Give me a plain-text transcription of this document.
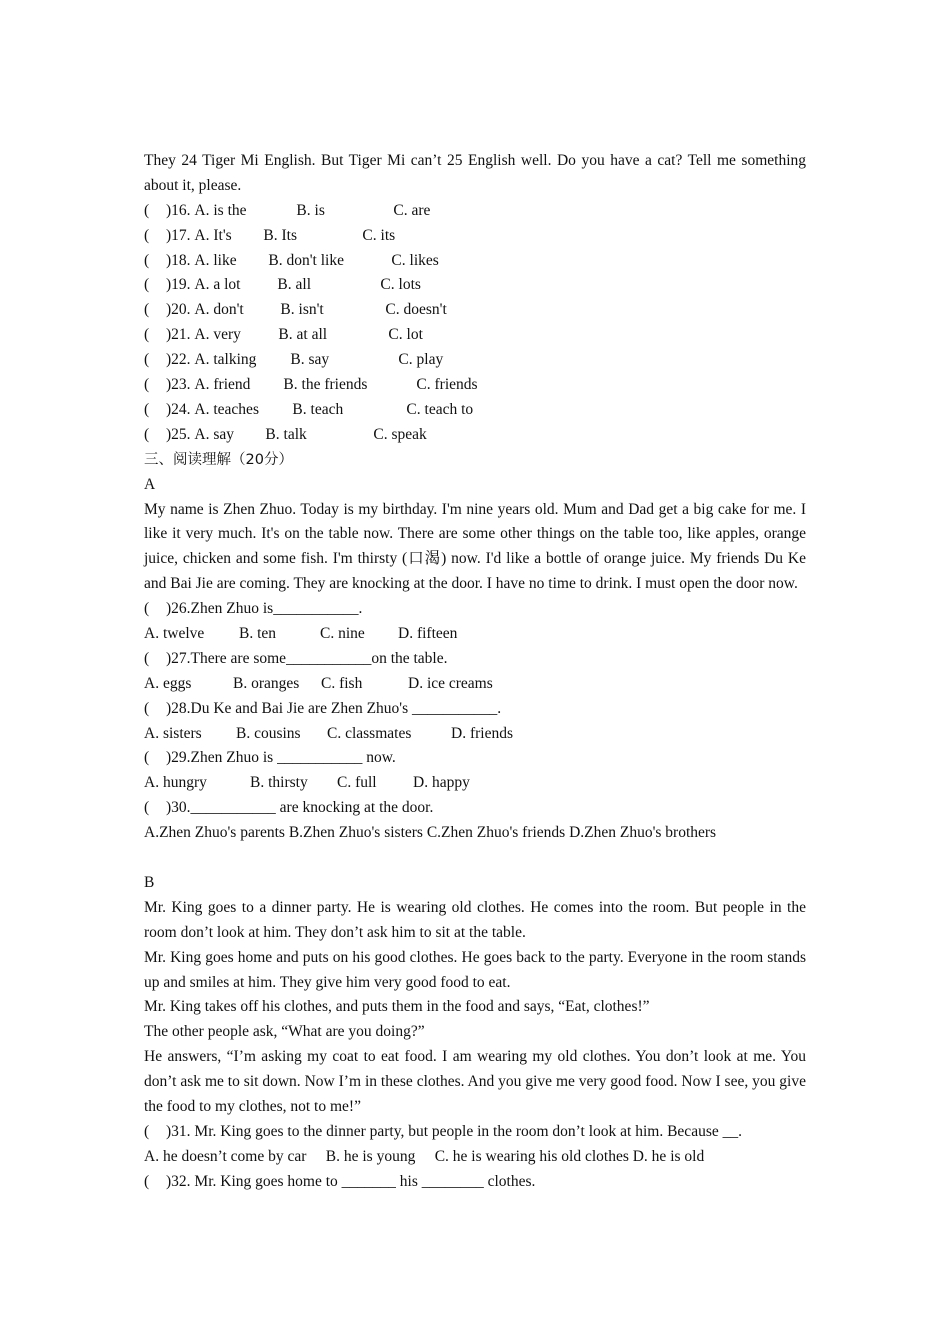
They 24 Tiger Mi English. But Tiger Mi can’t 25 English well. Do you have a cat? Tell me something about it, please.
( )16. A. is the	B. is	C. are
( )17. A. It's B. Its	C. its
( )18. A. like B. don't like	C. likes
( )19. A. a lot B. all	C. lots
( )20. A. don't B. isn't	C. doesn't
( )21. A. very B. at all	C. lot
( )22. A. talking B. say	C. play
( )23. A. friend B. the friends	C. friends
( )24. A. teaches B. teach	C. teach to
( )25. A. say B. talk	C. speak
三、阅读理解（20分）
A
My name is Zhen Zhuo. Today is my birthday. I'm nine years old. Mum and Dad get a big cake for me. I like it very much. It's on the table now. There are some other things on the table too, like apples, orange juice, chicken and some fish. I'm thirsty (口渴) now. I'd like a bottle of orange juice. My friends Du Ke and Bai Jie are coming. They are knocking at the door. I have no time to drink. I must open the door now.
( )26.Zhen Zhuo is___________.
A. twelve B. ten	C. nine D. fifteen
( )27.There are some___________on the table.
A. eggs	B. oranges C. fish	D. ice creams
( )28.Du Ke and Bai Jie are Zhen Zhuo's ___________.
A. sisters B. cousins C. classmates	D. friends
( )29.Zhen Zhuo is ___________ now.
A. hungry	B. thirsty C. full D. happy
( )30.___________ are knocking at the door.
A.Zhen Zhuo's parents B.Zhen Zhuo's sisters C.Zhen Zhuo's friends D.Zhen Zhuo's brothers
B
Mr. King goes to a dinner party. He is wearing old clothes. He comes into the room. But people in the room don’t look at him. They don’t ask him to sit at the table.
Mr. King goes home and puts on his good clothes. He goes back to the party. Everyone in the room stands up and smiles at him. They give him very good food to eat.
Mr. King takes off his clothes, and puts them in the food and says, “Eat, clothes!”
The other people ask, “What are you doing?”
He answers, “I’m asking my coat to eat food. I am wearing my old clothes. You don’t look at me. You don’t ask me to sit down. Now I’m in these clothes. And you give me very good food. Now I see, you give the food to my clothes, not to me!”
( )31. Mr. King goes to the dinner party, but people in the room don’t look at him. Because __.
A. he doesn’t come by car     B. he is young     C. he is wearing his old clothes D. he is old
( )32. Mr. King goes home to _______ his ________ clothes.
